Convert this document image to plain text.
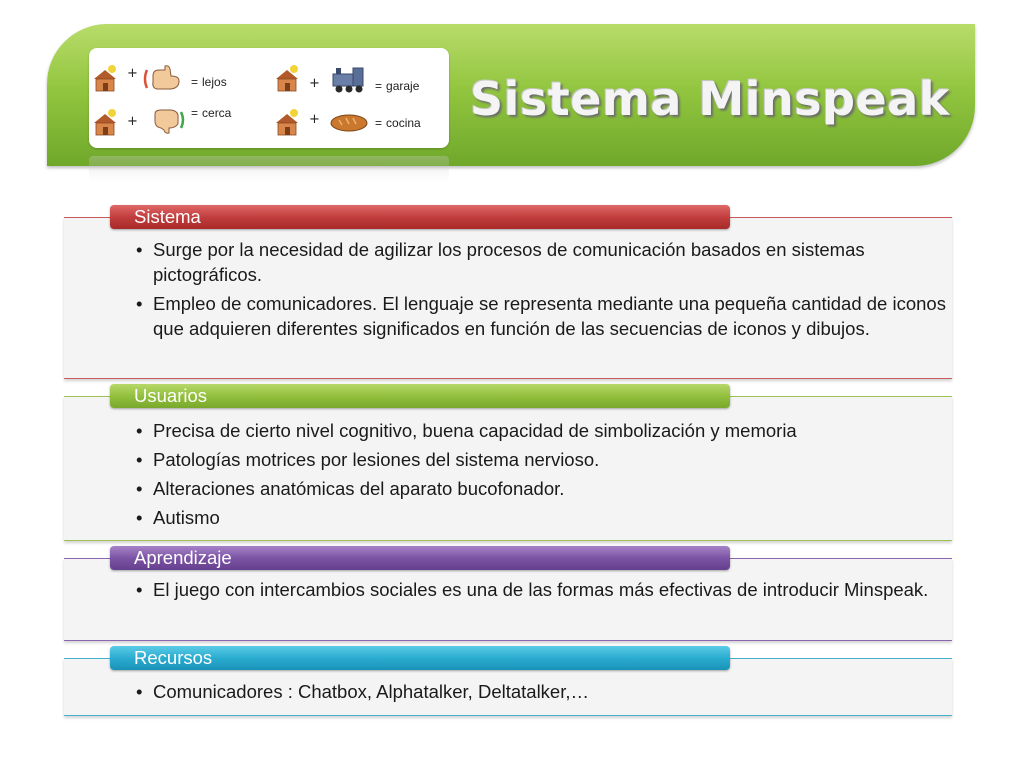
Sistema Minspeak
+
= lejos	+	= garaje
+
= cerca	+	= cocina
• Surge por la necesidad de agilizar los procesos de comunicación basados en sistemas pictográficos.
• Empleo de comunicadores. El lenguaje se representa mediante una pequeña cantidad de iconos que adquieren diferentes significados en función de las secuencias de iconos y dibujos.
Sistema
• Precisa de cierto nivel cognitivo, buena capacidad de simbolización y memoria
• Patologías motrices por lesiones del sistema nervioso.
• Alteraciones anatómicas del aparato bucofonador.
• Autismo
Usuarios
• El juego con intercambios sociales es una de las formas más efectivas de introducir Minspeak.
Aprendizaje
• Comunicadores : Chatbox, Alphatalker, Deltatalker,…
Recursos
